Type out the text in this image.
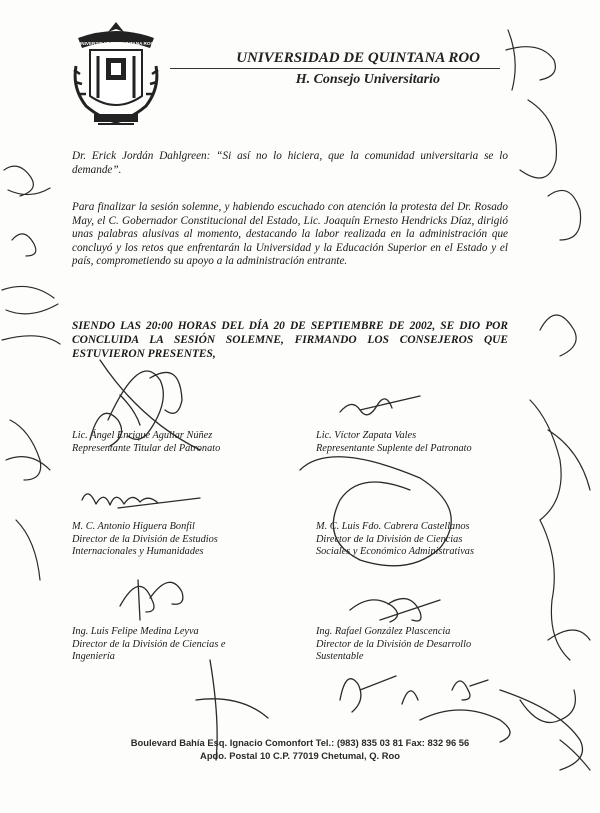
UNIVERSIDAD DE QUINTANA ROO
UNIVERSIDAD DE QUINTANA ROO
H. Consejo Universitario

Dr. Erick Jordán Dahlgreen: “Si así no lo hiciera, que la comunidad universitaria se lo demande”.

Para finalizar la sesión solemne, y habiendo escuchado con atención la protesta del Dr. Rosado May, el C. Gobernador Constitucional del Estado, Lic. Joaquín Ernesto Hendricks Díaz, dirigió unas palabras alusivas al momento, destacando la labor realizada en la administración que concluyó y los retos que enfrentarán la Universidad y la Educación Superior en el Estado y el país, comprometiendo su apoyo a la administración entrante.

SIENDO LAS 20:00 HORAS DEL DÍA 20 DE SEPTIEMBRE DE 2002, SE DIO POR CONCLUIDA LA SESIÓN SOLEMNE, FIRMANDO LOS CONSEJEROS QUE ESTUVIERON PRESENTES,

Lic. Ángel Enrique Aguilar Núñez
Representante Titular del Patronato
Lic. Víctor Zapata Vales
Representante Suplente del Patronato
M. C. Antonio Higuera Bonfil
Director de la División de Estudios
Internacionales y Humanidades
M. C. Luis Fdo. Cabrera Castellanos
Director de la División de Ciencias
Sociales y Económico Administrativas
Ing. Luis Felipe Medina Leyva
Director de la División de Ciencias e
Ingeniería
Ing. Rafael González Plascencia
Director de la División de Desarrollo
Sustentable
Boulevard Bahía Esq. Ignacio Comonfort Tel.: (983) 835 03 81 Fax: 832 96 56
Apdo. Postal 10 C.P. 77019 Chetumal, Q. Roo
